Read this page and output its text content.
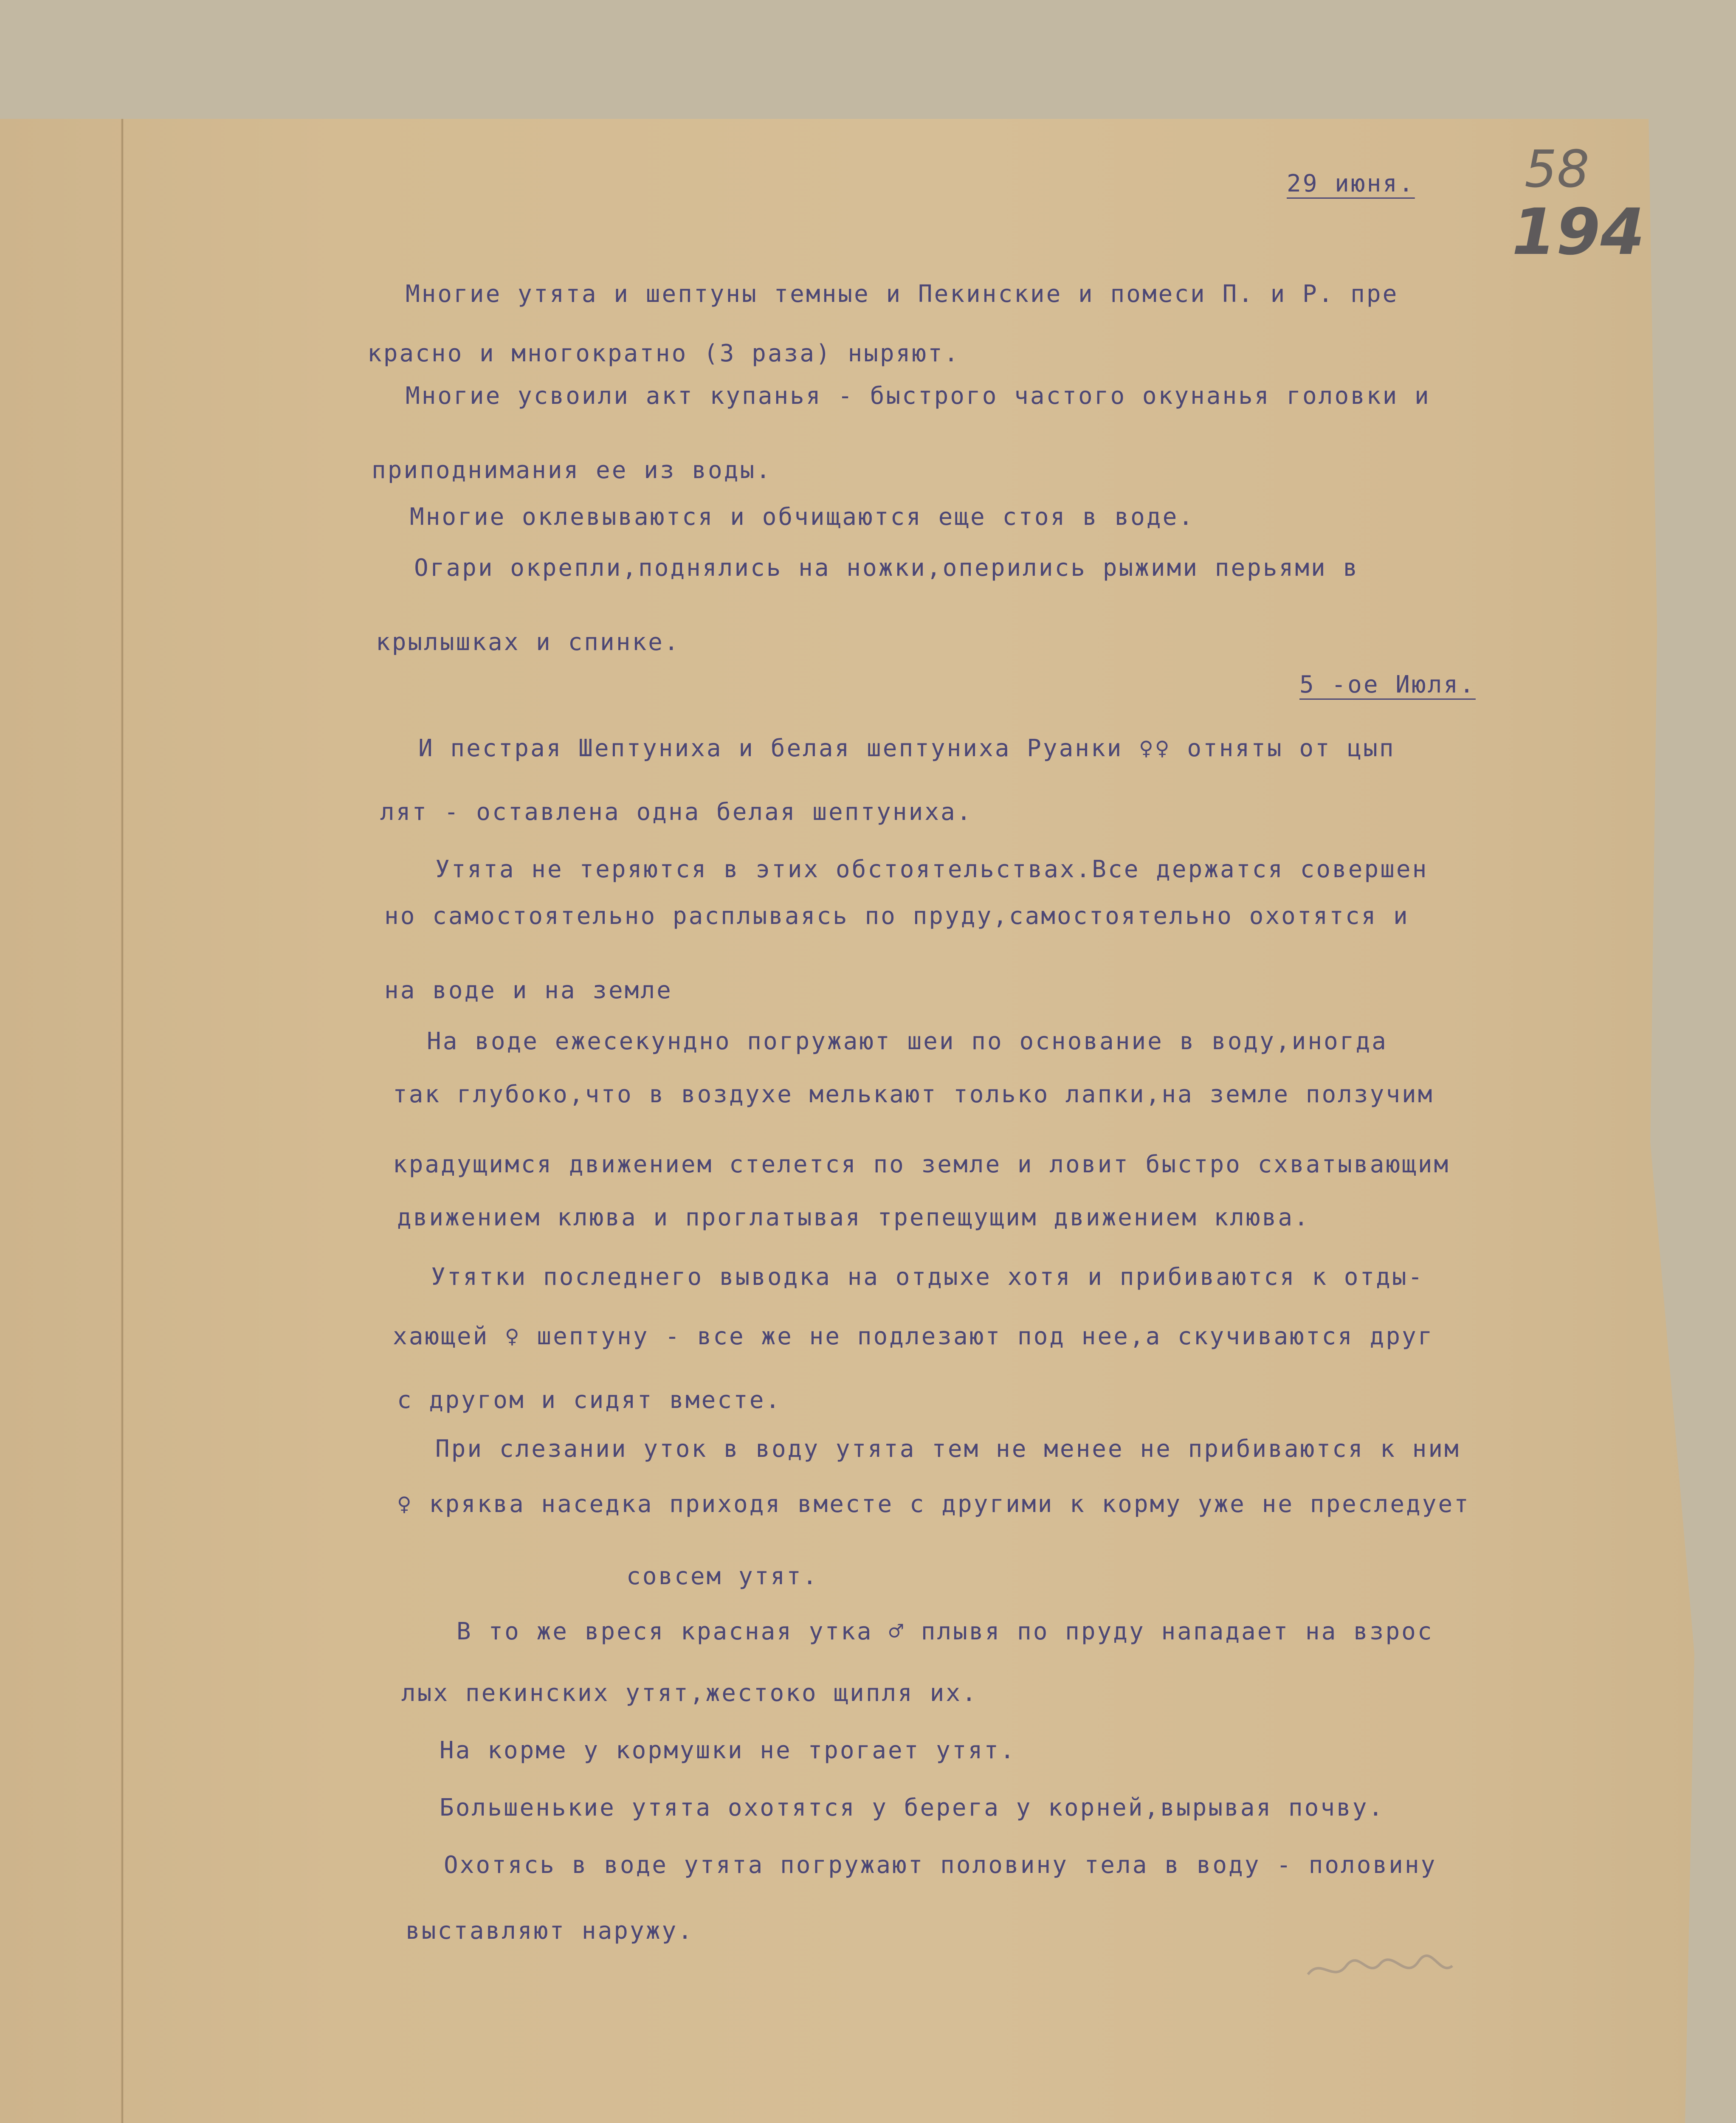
58
194
29 июня.
Многие утята и шептуны темные и Пекинские и помеси П. и Р. пре
красно и многократно (3 раза) ныряют.
Многие усвоили акт купанья - быстрого частого окунанья головки и
приподнимания ее из воды.
Многие оклевываются и обчищаются еще стоя в воде.
Огари окрепли,поднялись на ножки,оперились рыжими перьями в
крылышках и спинке.
5 -ое Июля.
И пестрая Шептуниха и белая шептуниха Руанки ♀♀ отняты от цып
лят - оставлена одна белая шептуниха.
Утята не теряются в этих обстоятельствах.Все держатся совершен
но самостоятельно расплываясь по пруду,самостоятельно охотятся и
на воде и на земле
На воде ежесекундно погружают шеи по основание в воду,иногда
так глубоко,что в воздухе мелькают только лапки,на земле ползучим
крадущимся движением стелется по земле и ловит быстро схватывающим
движением клюва и проглатывая трепещущим движением клюва.
Утятки последнего выводка на отдыхе хотя и прибиваются к отды-
хающей ♀ шептуну - все же не подлезают под нее,а скучиваются друг
с другом и сидят вместе.
При слезании уток в воду утята тем не менее не прибиваются к ним
♀ кряква наседка приходя вместе с другими к корму уже не преследует
совсем утят.
В то же вреся красная утка ♂ плывя по пруду нападает на взрос
лых пекинских утят,жестоко щипля их.
На корме у кормушки не трогает утят.
Большенькие утята охотятся у берега у корней,вырывая почву.
Охотясь в воде утята погружают половину тела в воду - половину
выставляют наружу.
